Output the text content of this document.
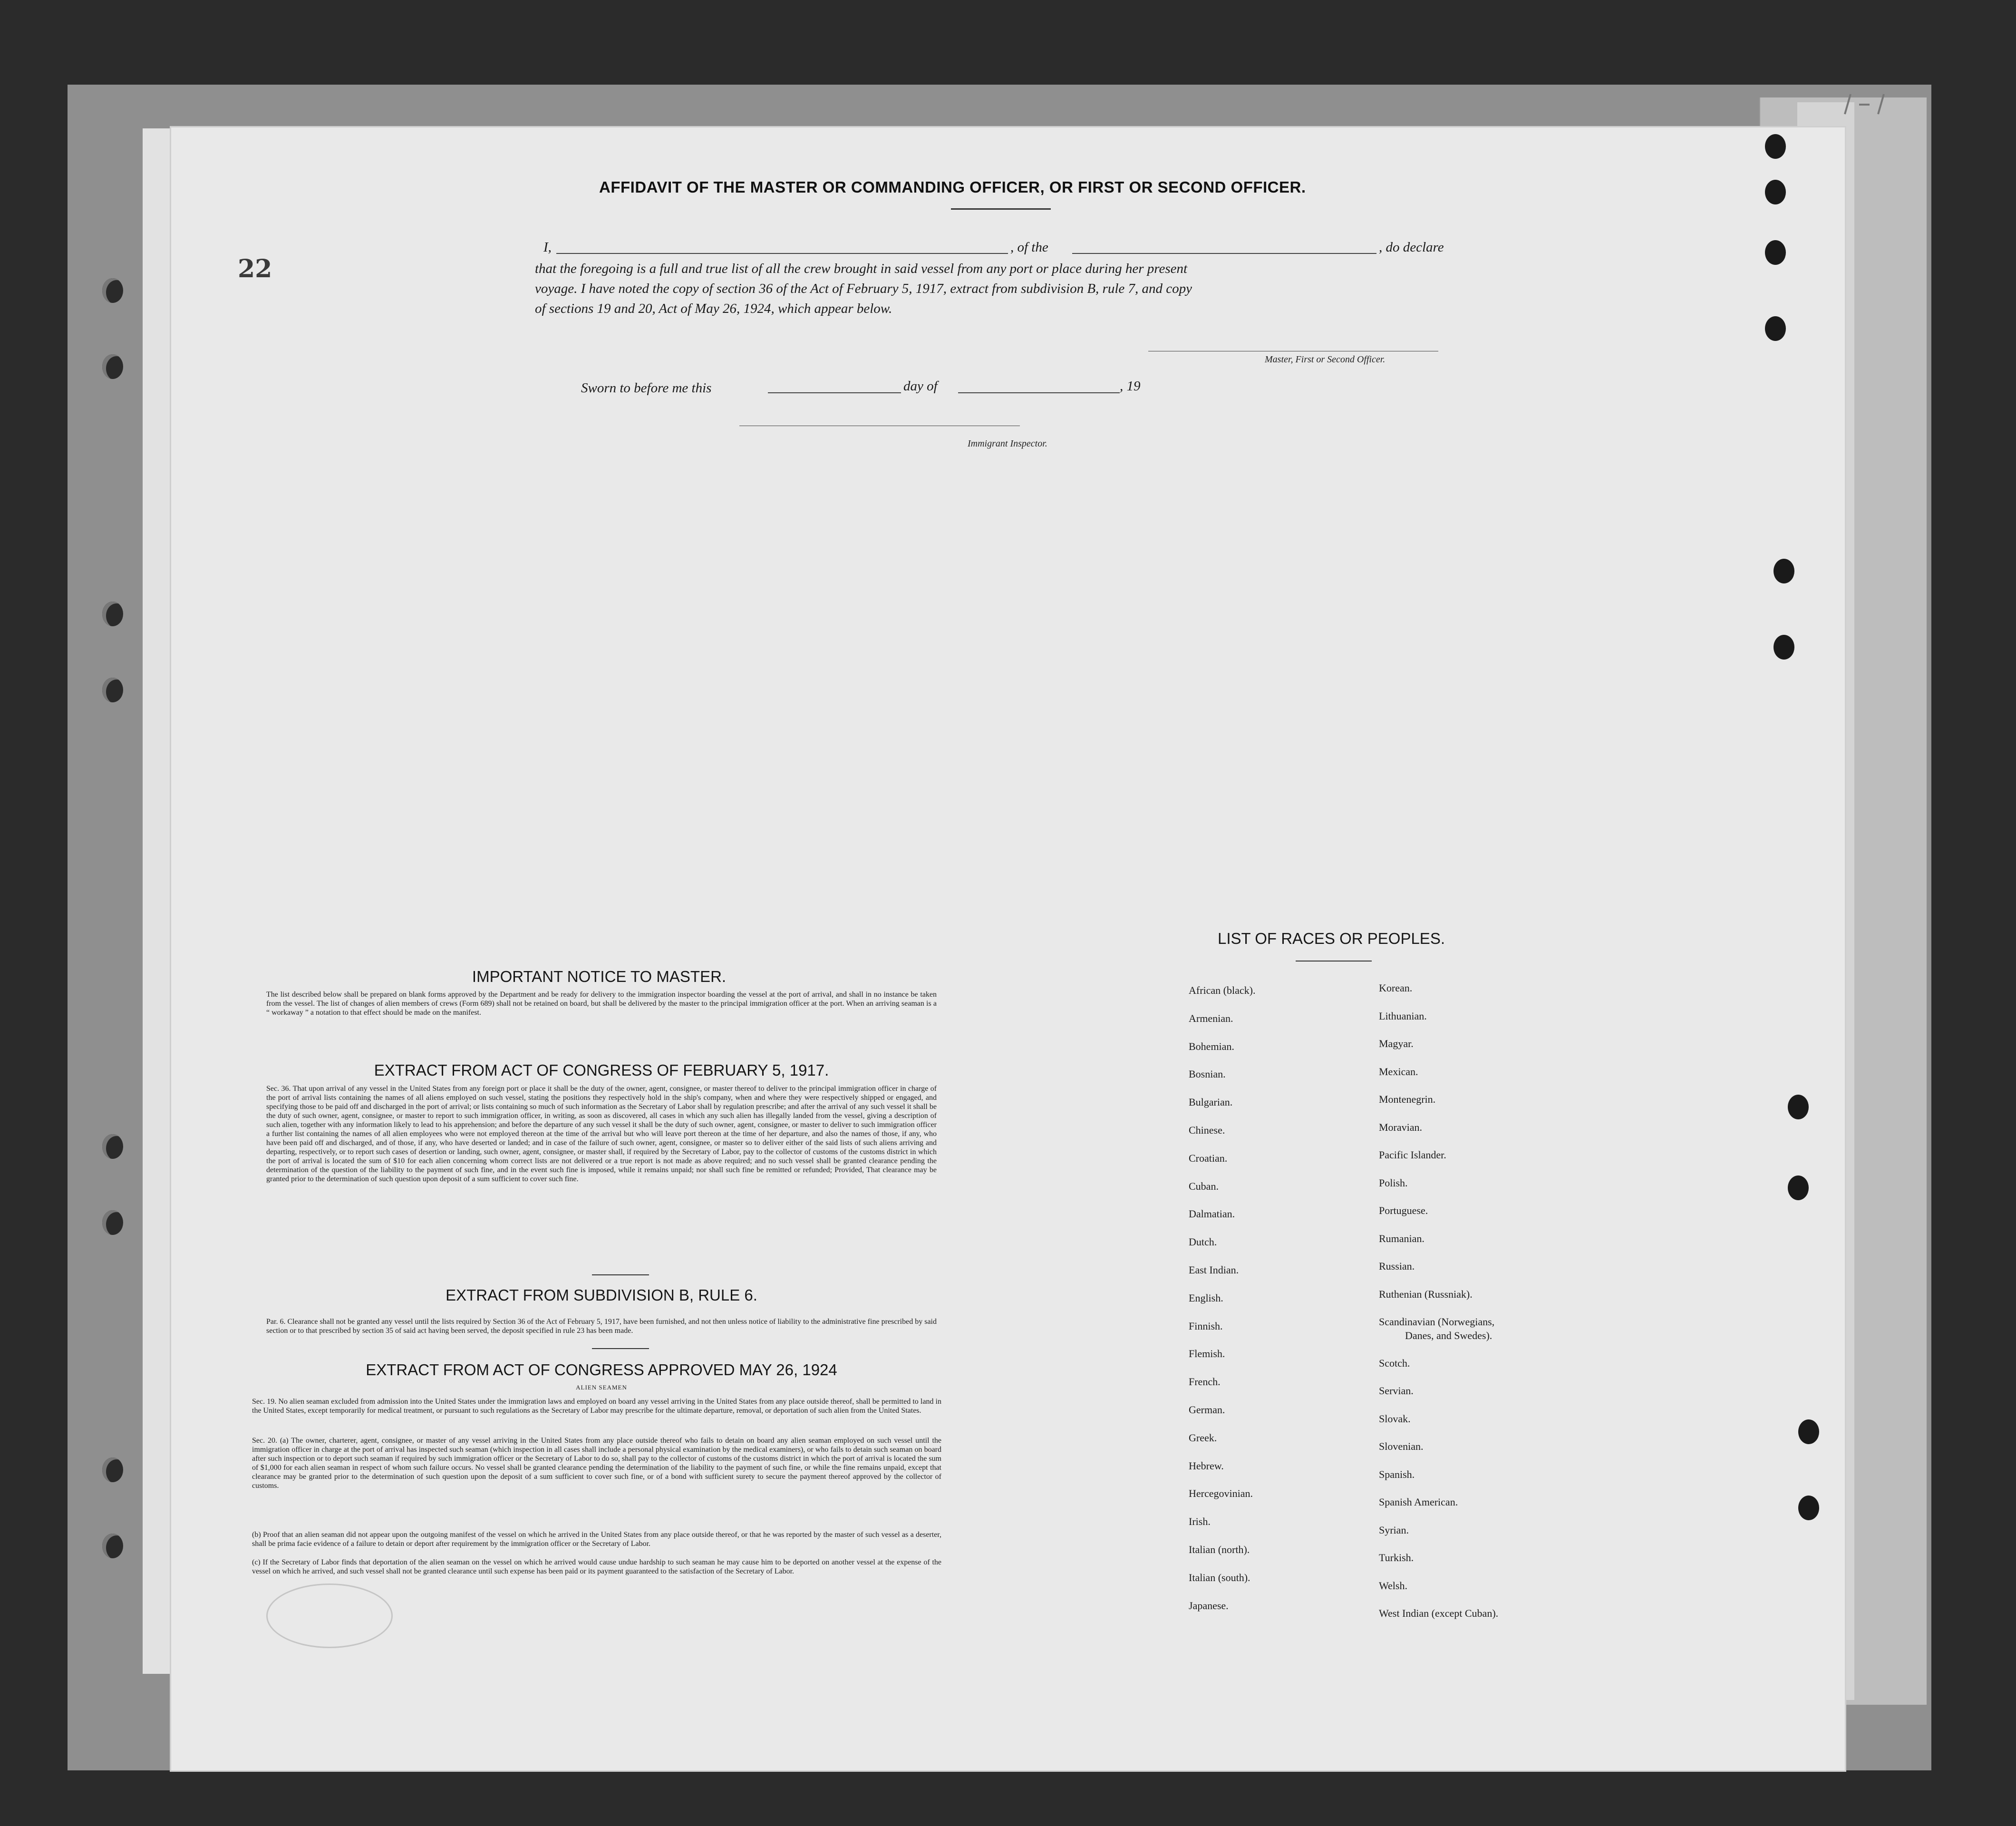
22
AFFIDAVIT OF THE MASTER OR COMMANDING OFFICER, OR FIRST OR SECOND OFFICER.
I,	, of the	, do declare
that the foregoing is a full and true list of all the crew brought in said vessel from any port or place during her present
voyage. I have noted the copy of section 36 of the Act of February 5, 1917, extract from subdivision B, rule 7, and copy
of sections 19 and 20, Act of May 26, 1924, which appear below.
Master, First or Second Officer.
Sworn to before me this	day of	, 19
Immigrant Inspector.
IMPORTANT NOTICE TO MASTER.
The list described below shall be prepared on blank forms approved by the Department and be ready for delivery to the immigration inspector boarding the vessel at the port of arrival, and shall in no instance be taken from the vessel. The list of changes of alien members of crews (Form 689) shall not be retained on board, but shall be delivered by the master to the principal immigration officer at the port. When an arriving seaman is a “ workaway ” a notation to that effect should be made on the manifest.
EXTRACT FROM ACT OF CONGRESS OF FEBRUARY 5, 1917.
Sec. 36. That upon arrival of any vessel in the United States from any foreign port or place it shall be the duty of the owner, agent, consignee, or master thereof to deliver to the principal immigration officer in charge of the port of arrival lists containing the names of all aliens employed on such vessel, stating the positions they respectively hold in the ship's company, when and where they were respectively shipped or engaged, and specifying those to be paid off and discharged in the port of arrival; or lists containing so much of such information as the Secretary of Labor shall by regulation prescribe; and after the arrival of any such vessel it shall be the duty of such owner, agent, consignee, or master to report to such immigration officer, in writing, as soon as discovered, all cases in which any such alien has illegally landed from the vessel, giving a description of such alien, together with any information likely to lead to his apprehension; and before the departure of any such vessel it shall be the duty of such owner, agent, consignee, or master to deliver to such immigration officer a further list containing the names of all alien employees who were not employed thereon at the time of the arrival but who will leave port thereon at the time of her departure, and also the names of those, if any, who have been paid off and discharged, and of those, if any, who have deserted or landed; and in case of the failure of such owner, agent, consignee, or master so to deliver either of the said lists of such aliens arriving and departing, respectively, or to report such cases of desertion or landing, such owner, agent, consignee, or master shall, if required by the Secretary of Labor, pay to the collector of customs of the customs district in which the port of arrival is located the sum of $10 for each alien concerning whom correct lists are not delivered or a true report is not made as above required; and no such vessel shall be granted clearance pending the determination of the question of the liability to the payment of such fine, and in the event such fine is imposed, while it remains unpaid; nor shall such fine be remitted or refunded; Provided, That clearance may be granted prior to the determination of such question upon deposit of a sum sufficient to cover such fine.
EXTRACT FROM SUBDIVISION B, RULE 6.
Par. 6. Clearance shall not be granted any vessel until the lists required by Section 36 of the Act of February 5, 1917, have been furnished, and not then unless notice of liability to the administrative fine prescribed by said section or to that prescribed by section 35 of said act having been served, the deposit specified in rule 23 has been made.
EXTRACT FROM ACT OF CONGRESS APPROVED MAY 26, 1924
ALIEN SEAMEN
Sec. 19. No alien seaman excluded from admission into the United States under the immigration laws and employed on board any vessel arriving in the United States from any place outside thereof, shall be permitted to land in the United States, except temporarily for medical treatment, or pursuant to such regulations as the Secretary of Labor may prescribe for the ultimate departure, removal, or deportation of such alien from the United States.
Sec. 20. (a) The owner, charterer, agent, consignee, or master of any vessel arriving in the United States from any place outside thereof who fails to detain on board any alien seaman employed on such vessel until the immigration officer in charge at the port of arrival has inspected such seaman (which inspection in all cases shall include a personal physical examination by the medical examiners), or who fails to detain such seaman on board after such inspection or to deport such seaman if required by such immigration officer or the Secretary of Labor to do so, shall pay to the collector of customs of the customs district in which the port of arrival is located the sum of $1,000 for each alien seaman in respect of whom such failure occurs. No vessel shall be granted clearance pending the determination of the liability to the payment of such fine, or while the fine remains unpaid, except that clearance may be granted prior to the determination of such question upon the deposit of a sum sufficient to cover such fine, or of a bond with sufficient surety to secure the payment thereof approved by the collector of customs.
(b) Proof that an alien seaman did not appear upon the outgoing manifest of the vessel on which he arrived in the United States from any place outside thereof, or that he was reported by the master of such vessel as a deserter, shall be prima facie evidence of a failure to detain or deport after requirement by the immigration officer or the Secretary of Labor.
(c) If the Secretary of Labor finds that deportation of the alien seaman on the vessel on which he arrived would cause undue hardship to such seaman he may cause him to be deported on another vessel at the expense of the vessel on which he arrived, and such vessel shall not be granted clearance until such expense has been paid or its payment guaranteed to the satisfaction of the Secretary of Labor.
LIST OF RACES OR PEOPLES.
African (black).
Armenian.
Bohemian.
Bosnian.
Bulgarian.
Chinese.
Croatian.
Cuban.
Dalmatian.
Dutch.
East Indian.
English.
Finnish.
Flemish.
French.
German.
Greek.
Hebrew.
Hercegovinian.
Irish.
Italian (north).
Italian (south).
Japanese.
Korean.
Lithuanian.
Magyar.
Mexican.
Montenegrin.
Moravian.
Pacific Islander.
Polish.
Portuguese.
Rumanian.
Russian.
Ruthenian (Russniak).
Scandinavian (Norwegians,
Danes, and Swedes).
Scotch.
Servian.
Slovak.
Slovenian.
Spanish.
Spanish American.
Syrian.
Turkish.
Welsh.
West Indian (except Cuban).
